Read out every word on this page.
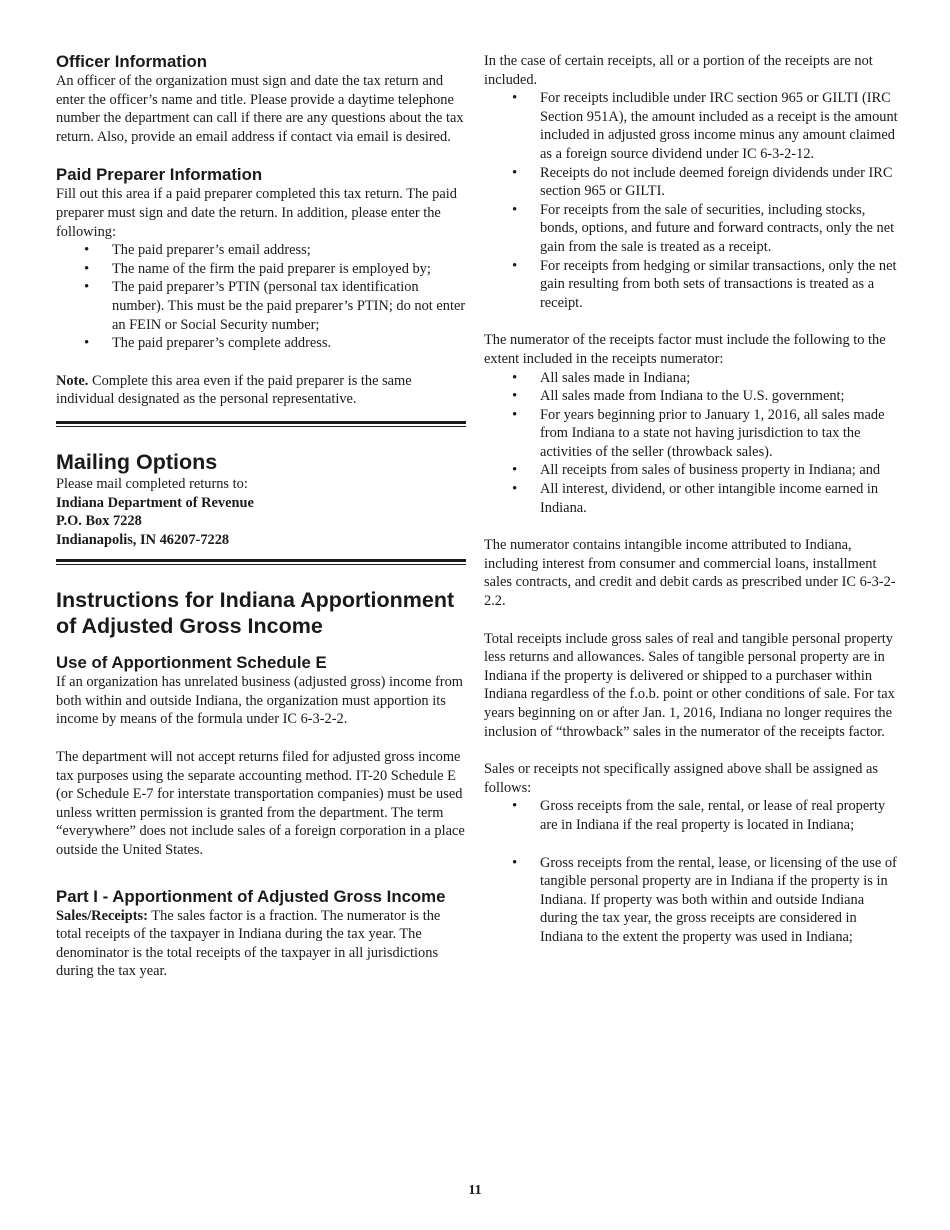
Officer Information

An officer of the organization must sign and date the tax return and enter the officer’s name and title. Please provide a daytime telephone number the department can call if there are any questions about the tax return. Also, provide an email address if contact via email is desired.

Paid Preparer Information

Fill out this area if a paid preparer completed this tax return. The paid preparer must sign and date the return. In addition, please enter the following:

• The paid preparer’s email address;
• The name of the firm the paid preparer is employed by;
• The paid preparer’s PTIN (personal tax identification number). This must be the paid preparer’s PTIN; do not enter an FEIN or Social Security number;
• The paid preparer’s complete address.

Note. Complete this area even if the paid preparer is the same individual designated as the personal representative.

Mailing Options

Please mail completed returns to:

Indiana Department of Revenue

P.O. Box 7228

Indianapolis, IN 46207-7228

Instructions for Indiana Apportionment of Adjusted Gross Income
Use of Apportionment Schedule E

If an organization has unrelated business (adjusted gross) income from both within and outside Indiana, the organization must apportion its income by means of the formula under IC 6-3-2-2.

The department will not accept returns filed for adjusted gross income tax purposes using the separate accounting method. IT-20 Schedule E (or Schedule E-7 for interstate transportation companies) must be used unless written permission is granted from the department. The term “everywhere” does not include sales of a foreign corporation in a place outside the United States.

Part I - Apportionment of Adjusted Gross Income

Sales/Receipts: The sales factor is a fraction. The numerator is the total receipts of the taxpayer in Indiana during the tax year. The denominator is the total receipts of the taxpayer in all jurisdictions during the tax year.

In the case of certain receipts, all or a portion of the receipts are not included.

• For receipts includible under IRC section 965 or GILTI (IRC Section 951A), the amount included as a receipt is the amount included in adjusted gross income minus any amount claimed as a foreign source dividend under IC 6-3-2-12.
• Receipts do not include deemed foreign dividends under IRC section 965 or GILTI.
• For receipts from the sale of securities, including stocks, bonds, options, and future and forward contracts, only the net gain from the sale is treated as a receipt.
• For receipts from hedging or similar transactions, only the net gain resulting from both sets of transactions is treated as a receipt.

The numerator of the receipts factor must include the following to the extent included in the receipts numerator:

• All sales made in Indiana;
• All sales made from Indiana to the U.S. government;
• For years beginning prior to January 1, 2016, all sales made from Indiana to a state not having jurisdiction to tax the activities of the seller (throwback sales).
• All receipts from sales of business property in Indiana; and
• All interest, dividend, or other intangible income earned in Indiana.

The numerator contains intangible income attributed to Indiana, including interest from consumer and commercial loans, installment sales contracts, and credit and debit cards as prescribed under IC 6-3-2-2.2.

Total receipts include gross sales of real and tangible personal property less returns and allowances. Sales of tangible personal property are in Indiana if the property is delivered or shipped to a purchaser within Indiana regardless of the f.o.b. point or other conditions of sale. For tax years beginning on or after Jan. 1, 2016, Indiana no longer requires the inclusion of “throwback” sales in the numerator of the receipts factor.

Sales or receipts not specifically assigned above shall be assigned as follows:

• Gross receipts from the sale, rental, or lease of real property are in Indiana if the real property is located in Indiana;
• Gross receipts from the rental, lease, or licensing of the use of tangible personal property are in Indiana if the property is in Indiana. If property was both within and outside Indiana during the tax year, the gross receipts are considered in Indiana to the extent the property was used in Indiana;
11
